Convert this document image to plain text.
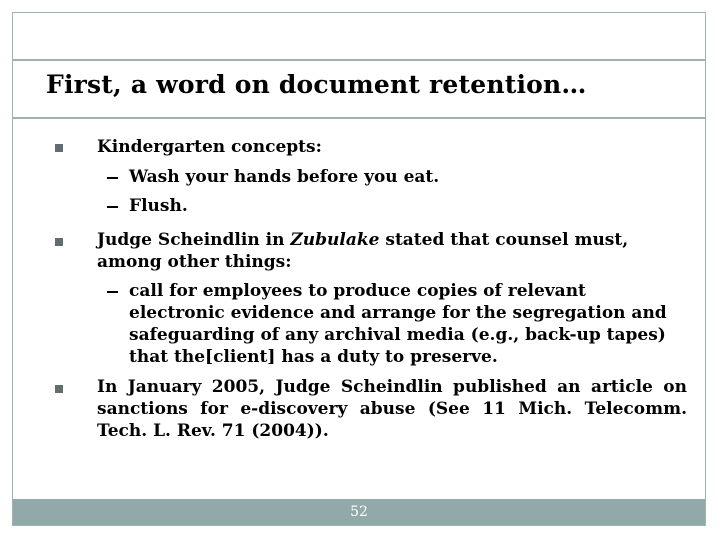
First, a word on document retention…
Kindergarten concepts:
Wash your hands before you eat.
Flush.
Judge Scheindlin in Zubulake stated that counsel must, among other things:
call for employees to produce copies of relevant electronic evidence and arrange for the segregation and safeguarding of any archival media (e.g., back-up tapes) that the[client] has a duty to preserve.
In January 2005, Judge Scheindlin published an article on sanctions for e-discovery abuse (See 11 Mich. Telecomm. Tech. L. Rev. 71 (2004)).
52
